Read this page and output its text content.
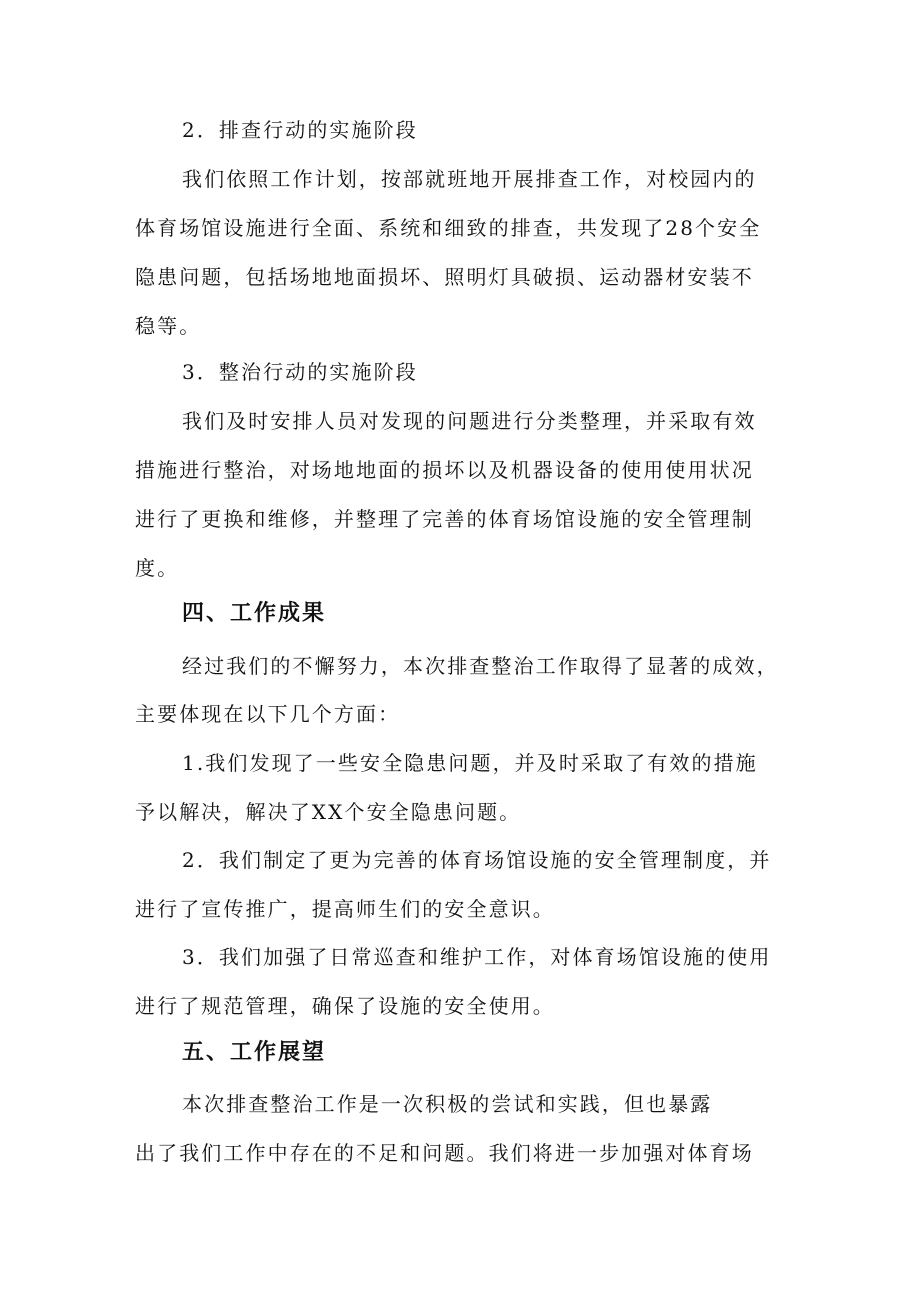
2．排查行动的实施阶段
我们依照工作计划，按部就班地开展排查工作，对校园内的
体育场馆设施进行全面、系统和细致的排查，共发现了28个安全
隐患问题，包括场地地面损坏、照明灯具破损、运动器材安装不
稳等。
3．整治行动的实施阶段
我们及时安排人员对发现的问题进行分类整理，并采取有效
措施进行整治，对场地地面的损坏以及机器设备的使用使用状况
进行了更换和维修，并整理了完善的体育场馆设施的安全管理制
度。
四、工作成果
经过我们的不懈努力，本次排查整治工作取得了显著的成效，
主要体现在以下几个方面：
1.我们发现了一些安全隐患问题，并及时采取了有效的措施
予以解决，解决了XX个安全隐患问题。
2．我们制定了更为完善的体育场馆设施的安全管理制度，并
进行了宣传推广，提高师生们的安全意识。
3．我们加强了日常巡查和维护工作，对体育场馆设施的使用
进行了规范管理，确保了设施的安全使用。
五、工作展望
本次排查整治工作是一次积极的尝试和实践，但也暴露
出了我们工作中存在的不足和问题。我们将进一步加强对体育场
